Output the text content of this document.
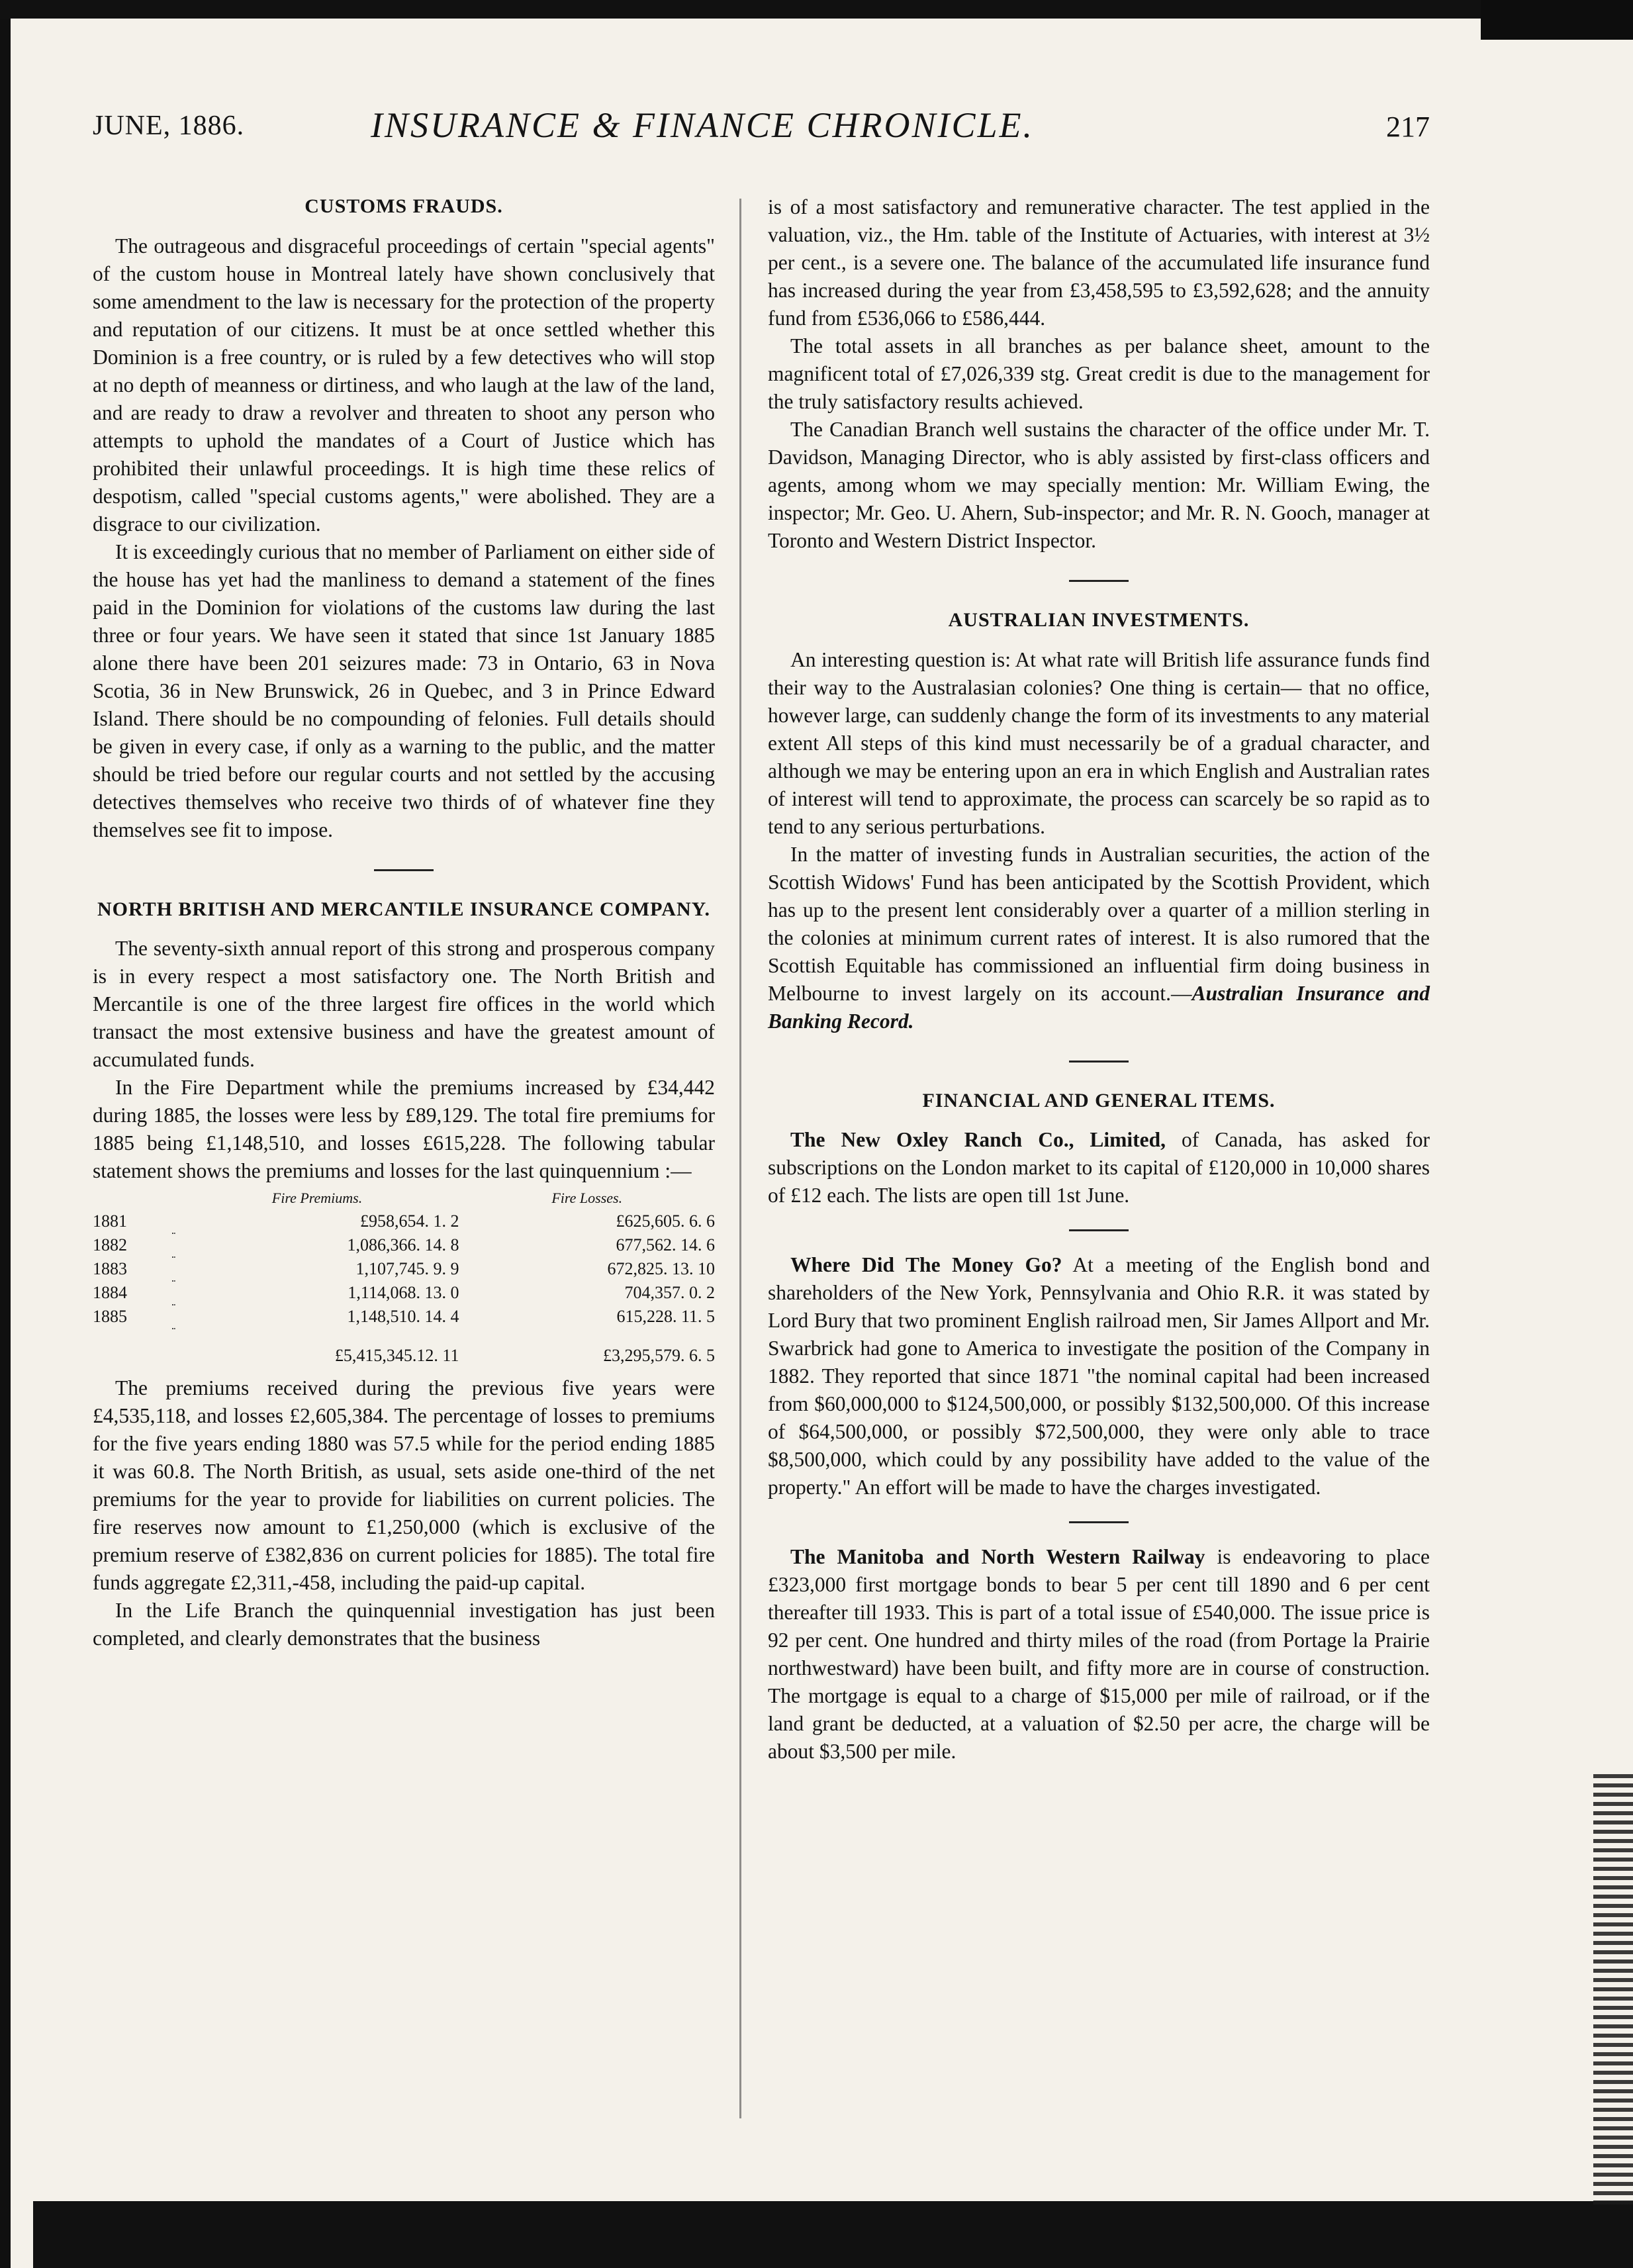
JUNE, 1886.	INSURANCE & FINANCE CHRONICLE.	217
CUSTOMS FRAUDS.

The outrageous and disgraceful proceedings of certain "special agents" of the custom house in Montreal lately have shown conclusively that some amendment to the law is necessary for the protection of the property and reputation of our citizens. It must be at once settled whether this Dominion is a free country, or is ruled by a few detectives who will stop at no depth of meanness or dirtiness, and who laugh at the law of the land, and are ready to draw a revolver and threaten to shoot any person who attempts to uphold the mandates of a Court of Justice which has prohibited their unlawful proceedings. It is high time these relics of despotism, called "special customs agents," were abolished. They are a disgrace to our civilization.

It is exceedingly curious that no member of Parliament on either side of the house has yet had the manliness to demand a statement of the fines paid in the Dominion for violations of the customs law during the last three or four years. We have seen it stated that since 1st January 1885 alone there have been 201 seizures made: 73 in Ontario, 63 in Nova Scotia, 36 in New Brunswick, 26 in Quebec, and 3 in Prince Edward Island. There should be no compounding of felonies. Full details should be given in every case, if only as a warning to the public, and the matter should be tried before our regular courts and not settled by the accusing detectives themselves who receive two thirds of of whatever fine they themselves see fit to impose.

NORTH BRITISH AND MERCANTILE INSURANCE COMPANY.

The seventy-sixth annual report of this strong and prosperous company is in every respect a most satisfactory one. The North British and Mercantile is one of the three largest fire offices in the world which transact the most extensive business and have the greatest amount of accumulated funds.

In the Fire Department while the premiums increased by £34,442 during 1885, the losses were less by £89,129. The total fire premiums for 1885 being £1,148,510, and losses £615,228. The following tabular statement shows the premiums and losses for the last quinquennium :—

		Fire Premiums.	Fire Losses.
1881		£958,654. 1. 2	£625,605. 6. 6
1882		1,086,366. 14. 8	677,562. 14. 6
1883		1,107,745. 9. 9	672,825. 13. 10
1884		1,114,068. 13. 0	704,357. 0. 2
1885		1,148,510. 14. 4	615,228. 11. 5
		£5,415,345.12. 11	£3,295,579. 6. 5

The premiums received during the previous five years were £4,535,118, and losses £2,605,384. The percentage of losses to premiums for the five years ending 1880 was 57.5 while for the period ending 1885 it was 60.8. The North British, as usual, sets aside one-third of the net premiums for the year to provide for liabilities on current policies. The fire reserves now amount to £1,250,000 (which is exclusive of the premium reserve of £382,836 on current policies for 1885). The total fire funds aggregate £2,311,-458, including the paid-up capital.

In the Life Branch the quinquennial investigation has just been completed, and clearly demonstrates that the business

is of a most satisfactory and remunerative character. The test applied in the valuation, viz., the Hm. table of the Institute of Actuaries, with interest at 3½ per cent., is a severe one. The balance of the accumulated life insurance fund has increased during the year from £3,458,595 to £3,592,628; and the annuity fund from £536,066 to £586,444.

The total assets in all branches as per balance sheet, amount to the magnificent total of £7,026,339 stg. Great credit is due to the management for the truly satisfactory results achieved.

The Canadian Branch well sustains the character of the office under Mr. T. Davidson, Managing Director, who is ably assisted by first-class officers and agents, among whom we may specially mention: Mr. William Ewing, the inspector; Mr. Geo. U. Ahern, Sub-inspector; and Mr. R. N. Gooch, manager at Toronto and Western District Inspector.

AUSTRALIAN INVESTMENTS.

An interesting question is: At what rate will British life assurance funds find their way to the Australasian colonies? One thing is certain— that no office, however large, can suddenly change the form of its investments to any material extent All steps of this kind must necessarily be of a gradual character, and although we may be entering upon an era in which English and Australian rates of interest will tend to approximate, the process can scarcely be so rapid as to tend to any serious perturbations.

In the matter of investing funds in Australian securities, the action of the Scottish Widows' Fund has been anticipated by the Scottish Provident, which has up to the present lent considerably over a quarter of a million sterling in the colonies at minimum current rates of interest. It is also rumored that the Scottish Equitable has commissioned an influential firm doing business in Melbourne to invest largely on its account.—Australian Insurance and Banking Record.

FINANCIAL AND GENERAL ITEMS.

The New Oxley Ranch Co., Limited, of Canada, has asked for subscriptions on the London market to its capital of £120,000 in 10,000 shares of £12 each. The lists are open till 1st June.

Where Did The Money Go? At a meeting of the English bond and shareholders of the New York, Pennsylvania and Ohio R.R. it was stated by Lord Bury that two prominent English railroad men, Sir James Allport and Mr. Swarbrick had gone to America to investigate the position of the Company in 1882. They reported that since 1871 "the nominal capital had been increased from $60,000,000 to $124,500,000, or possibly $132,500,000. Of this increase of $64,500,000, or possibly $72,500,000, they were only able to trace $8,500,000, which could by any possibility have added to the value of the property." An effort will be made to have the charges investigated.

The Manitoba and North Western Railway is endeavoring to place £323,000 first mortgage bonds to bear 5 per cent till 1890 and 6 per cent thereafter till 1933. This is part of a total issue of £540,000. The issue price is 92 per cent. One hundred and thirty miles of the road (from Portage la Prairie northwestward) have been built, and fifty more are in course of construction. The mortgage is equal to a charge of $15,000 per mile of railroad, or if the land grant be deducted, at a valuation of $2.50 per acre, the charge will be about $3,500 per mile.
